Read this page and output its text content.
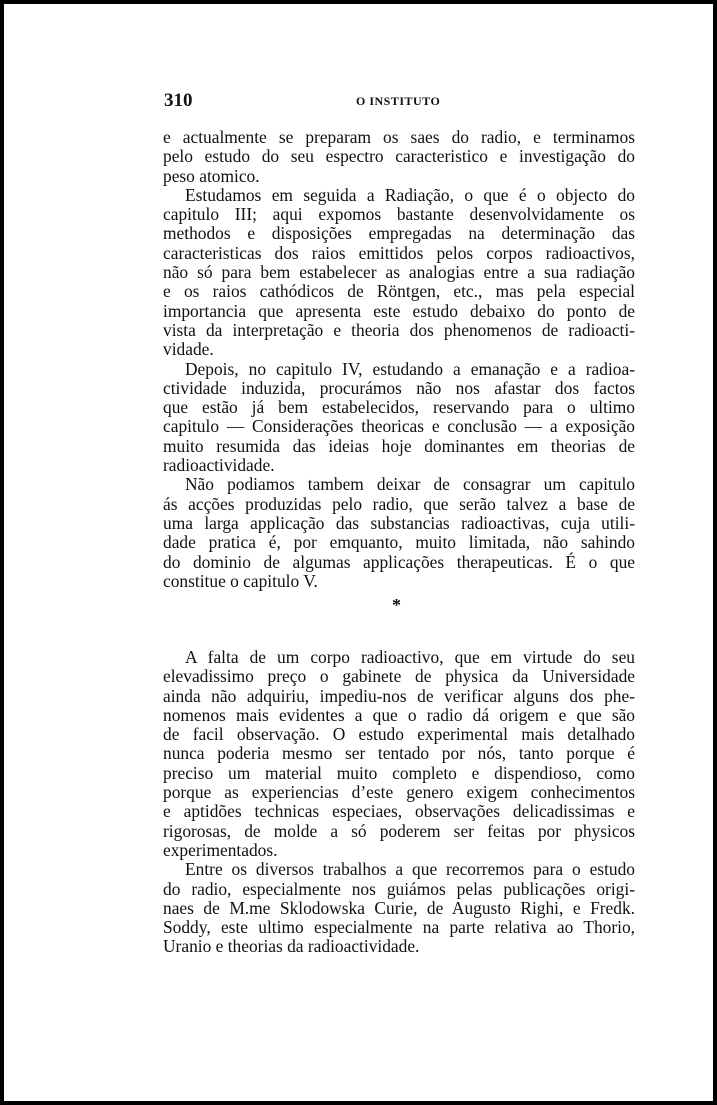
310	O INSTITUTO

e actualmente se preparam os saes do radio, e terminamos
pelo estudo do seu espectro caracteristico e investigação do
peso atomico.

Estudamos em seguida a Radiação, o que é o objecto do
capitulo III; aqui expomos bastante desenvolvidamente os
methodos e disposições empregadas na determinação das
caracteristicas dos raios emittidos pelos corpos radioactivos,
não só para bem estabelecer as analogias entre a sua radiação
e os raios cathódicos de Röntgen, etc., mas pela especial
importancia que apresenta este estudo debaixo do ponto de
vista da interpretação e theoria dos phenomenos de radioacti-
vidade.

Depois, no capitulo IV, estudando a emanação e a radioa-
ctividade induzida, procurámos não nos afastar dos factos
que estão já bem estabelecidos, reservando para o ultimo
capitulo — Considerações theoricas e conclusão — a exposição
muito resumida das ideias hoje dominantes em theorias de
radioactividade.

Não podiamos tambem deixar de consagrar um capitulo
ás acções produzidas pelo radio, que serão talvez a base de
uma larga applicação das substancias radioactivas, cuja utili-
dade pratica é, por emquanto, muito limitada, não sahindo
do dominio de algumas applicações therapeuticas. É o que
constitue o capitulo V.

*

A falta de um corpo radioactivo, que em virtude do seu
elevadissimo preço o gabinete de physica da Universidade
ainda não adquiriu, impediu-nos de verificar alguns dos phe-
nomenos mais evidentes a que o radio dá origem e que são
de facil observação. O estudo experimental mais detalhado
nunca poderia mesmo ser tentado por nós, tanto porque é
preciso um material muito completo e dispendioso, como
porque as experiencias d’este genero exigem conhecimentos
e aptidões technicas especiaes, observações delicadissimas e
rigorosas, de molde a só poderem ser feitas por physicos
experimentados.

Entre os diversos trabalhos a que recorremos para o estudo
do radio, especialmente nos guiámos pelas publicações origi-
naes de M.me Sklodowska Curie, de Augusto Righi, e Fredk.
Soddy, este ultimo especialmente na parte relativa ao Thorio,
Uranio e theorias da radioactividade.
